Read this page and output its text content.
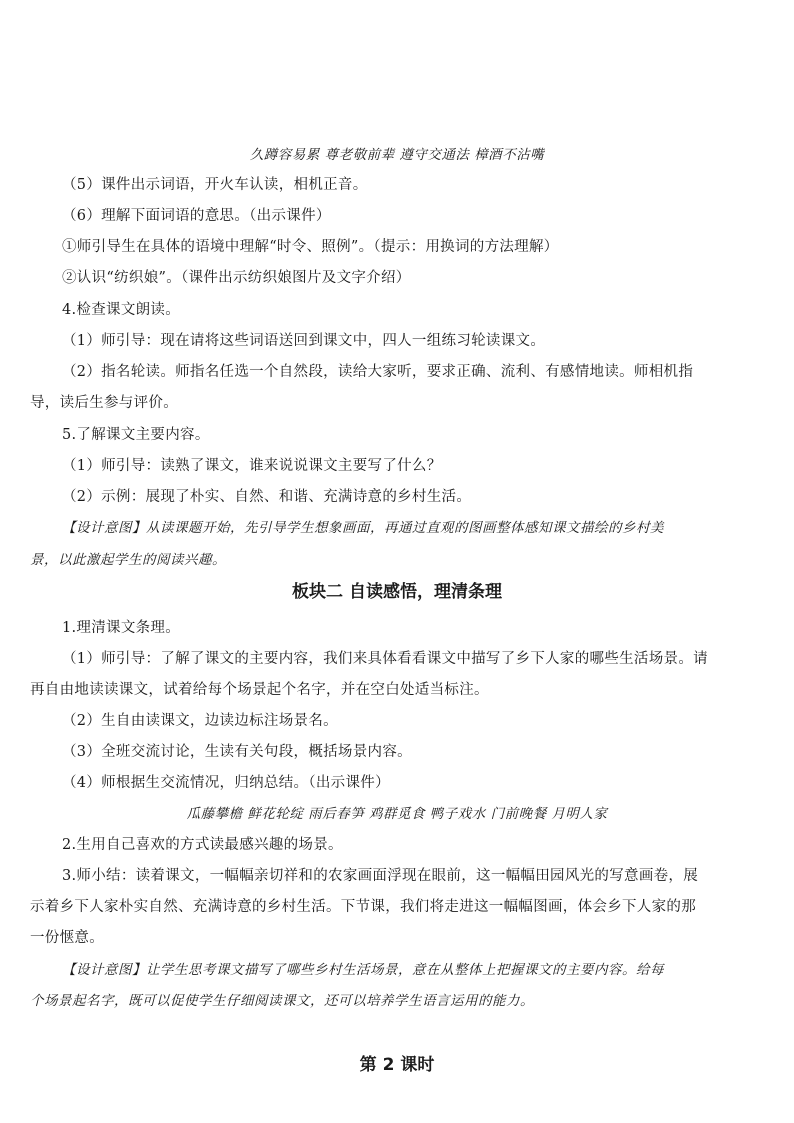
久蹲容易累 尊老敬前辈 遵守交通法 樟酒不沾嘴
（5）课件出示词语，开火车认读，相机正音。
（6）理解下面词语的意思。（出示课件）
①师引导生在具体的语境中理解“时令、照例”。（提示：用换词的方法理解）
②认识“纺织娘”。（课件出示纺织娘图片及文字介绍）
4.检查课文朗读。
（1）师引导：现在请将这些词语送回到课文中，四人一组练习轮读课文。
（2）指名轮读。师指名任选一个自然段，读给大家听，要求正确、流利、有感情地读。师相机指
导，读后生参与评价。
5.了解课文主要内容。
（1）师引导：读熟了课文，谁来说说课文主要写了什么？
（2）示例：展现了朴实、自然、和谐、充满诗意的乡村生活。
【设计意图】从读课题开始，先引导学生想象画面，再通过直观的图画整体感知课文描绘的乡村美
景，以此激起学生的阅读兴趣。
板块二 自读感悟，理清条理
1.理清课文条理。
（1）师引导：了解了课文的主要内容，我们来具体看看课文中描写了乡下人家的哪些生活场景。请
再自由地读读课文，试着给每个场景起个名字，并在空白处适当标注。
（2）生自由读课文，边读边标注场景名。
（3）全班交流讨论，生读有关句段，概括场景内容。
（4）师根据生交流情况，归纳总结。（出示课件）
瓜藤攀檐 鲜花轮绽 雨后春笋 鸡群觅食 鸭子戏水 门前晚餐 月明人家
2.生用自己喜欢的方式读最感兴趣的场景。
3.师小结：读着课文，一幅幅亲切祥和的农家画面浮现在眼前，这一幅幅田园风光的写意画卷，展
示着乡下人家朴实自然、充满诗意的乡村生活。下节课，我们将走进这一幅幅图画，体会乡下人家的那
一份惬意。
【设计意图】让学生思考课文描写了哪些乡村生活场景，意在从整体上把握课文的主要内容。给每
个场景起名字，既可以促使学生仔细阅读课文，还可以培养学生语言运用的能力。
第 2 课时
